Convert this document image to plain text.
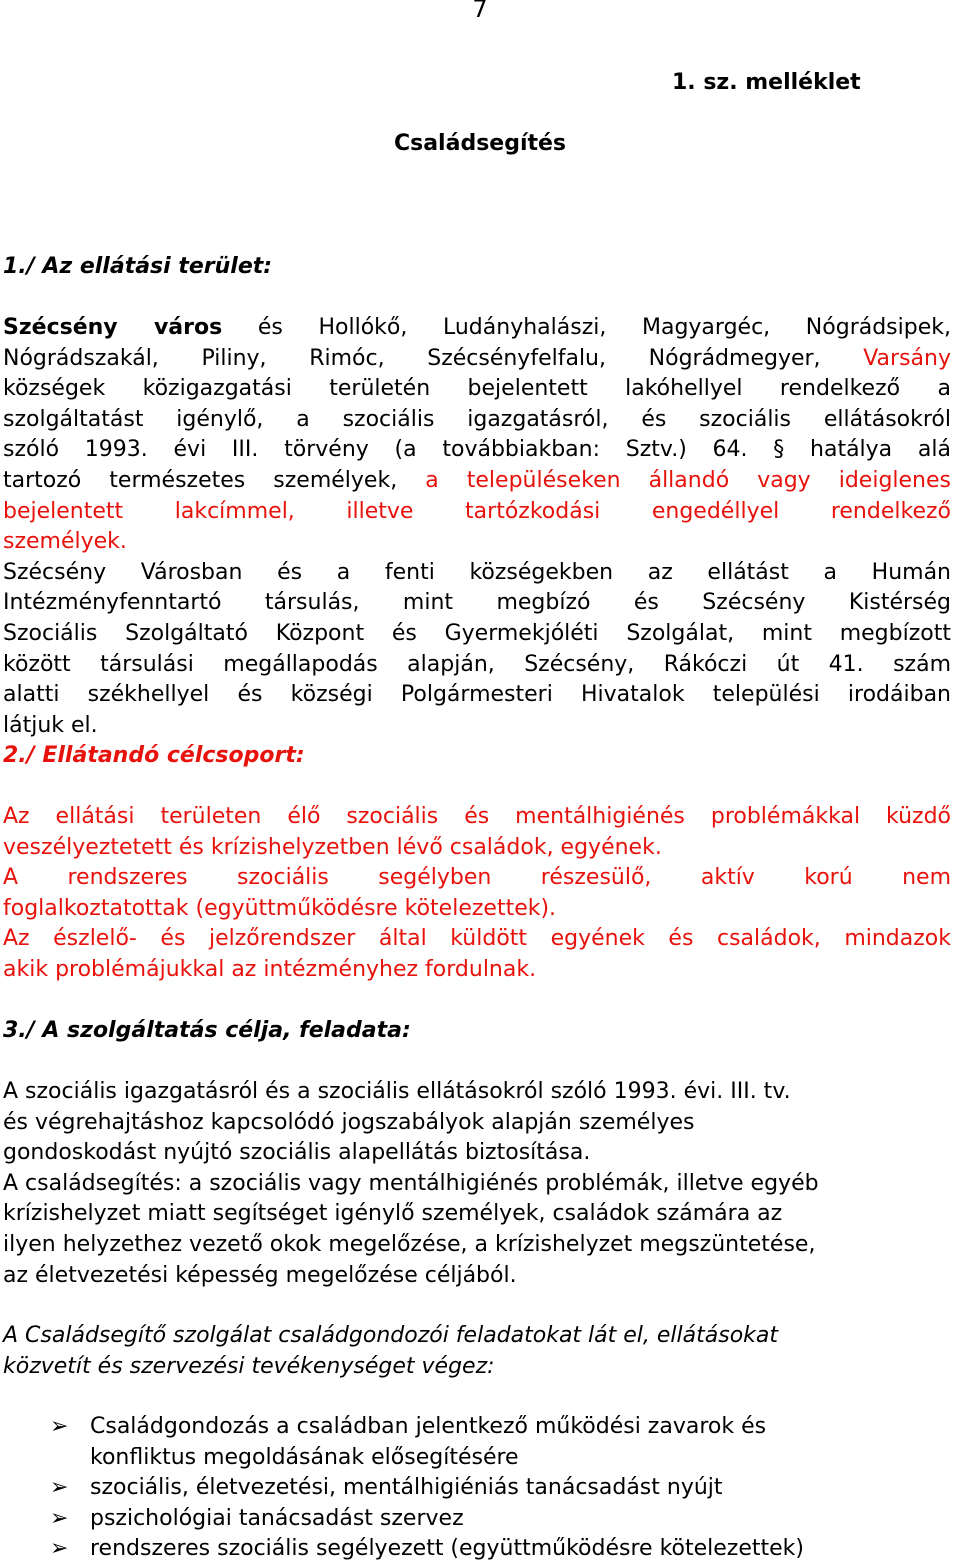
7
1. sz. melléklet
Családsegítés
1./ Az ellátási terület:
Szécsény város és Hollókő, Ludányhalászi, Magyargéc, Nógrádsipek,
Nógrádszakál, Piliny, Rimóc, Szécsényfelfalu, Nógrádmegyer, Varsány
községek közigazgatási területén bejelentett lakóhellyel rendelkező a
szolgáltatást igénylő, a szociális igazgatásról, és szociális ellátásokról
szóló 1993. évi III. törvény (a továbbiakban: Sztv.) 64. § hatálya alá
tartozó természetes személyek, a településeken állandó vagy ideiglenes
bejelentett lakcímmel, illetve tartózkodási engedéllyel rendelkező
személyek.
Szécsény Városban és a fenti községekben az ellátást a Humán
Intézményfenntartó társulás, mint megbízó és Szécsény Kistérség
Szociális Szolgáltató Központ és Gyermekjóléti Szolgálat, mint megbízott
között társulási megállapodás alapján, Szécsény, Rákóczi út 41. szám
alatti székhellyel és községi Polgármesteri Hivatalok települési irodáiban
látjuk el.
2./ Ellátandó célcsoport:
Az ellátási területen élő szociális és mentálhigiénés problémákkal küzdő
veszélyeztetett és krízishelyzetben lévő családok, egyének.
A rendszeres szociális segélyben részesülő, aktív korú nem
foglalkoztatottak (együttműködésre kötelezettek).
Az észlelő- és jelzőrendszer által küldött egyének és családok, mindazok
akik problémájukkal az intézményhez fordulnak.
3./ A szolgáltatás célja, feladata:
A szociális igazgatásról és a szociális ellátásokról szóló 1993. évi. III. tv.
és végrehajtáshoz kapcsolódó jogszabályok alapján személyes
gondoskodást nyújtó szociális alapellátás biztosítása.
A családsegítés: a szociális vagy mentálhigiénés problémák, illetve egyéb
krízishelyzet miatt segítséget igénylő személyek, családok számára az
ilyen helyzethez vezető okok megelőzése, a krízishelyzet megszüntetése,
az életvezetési képesség megelőzése céljából.
A Családsegítő szolgálat családgondozói feladatokat lát el, ellátásokat
közvetít és szervezési tevékenységet végez:
➢ Családgondozás a családban jelentkező működési zavarok és
konfliktus megoldásának elősegítésére
➢ szociális, életvezetési, mentálhigiéniás tanácsadást nyújt
➢ pszichológiai tanácsadást szervez
➢ rendszeres szociális segélyezett (együttműködésre kötelezettek)
